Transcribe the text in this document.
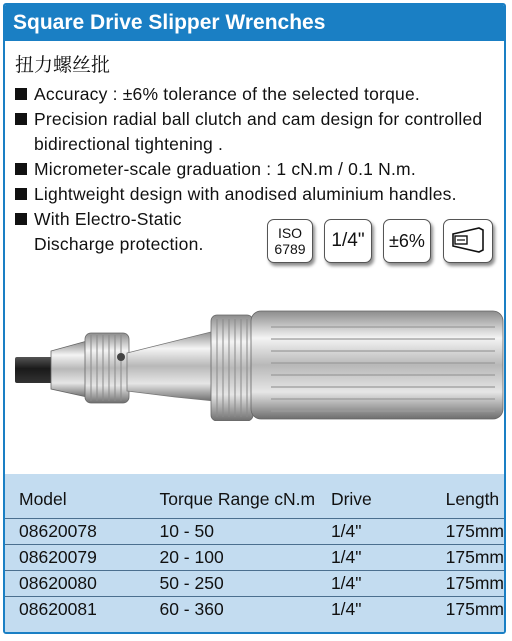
Square Drive Slipper Wrenches
扭力螺丝批
Accuracy : ±6% tolerance of the selected torque.
Precision radial ball clutch and cam design for controlled bidirectional tightening .
Micrometer-scale graduation : 1 cN.m / 0.1 N.m.
Lightweight design with anodised aluminium handles.
With Electro-Static Discharge protection.
ISO
6789	1/4"	±6%
Model	Torque Range cN.m	Drive	Length
08620078	10 - 50	1/4"	175mm
08620079	20 - 100	1/4"	175mm
08620080	50 - 250	1/4"	175mm
08620081	60 - 360	1/4"	175mm
